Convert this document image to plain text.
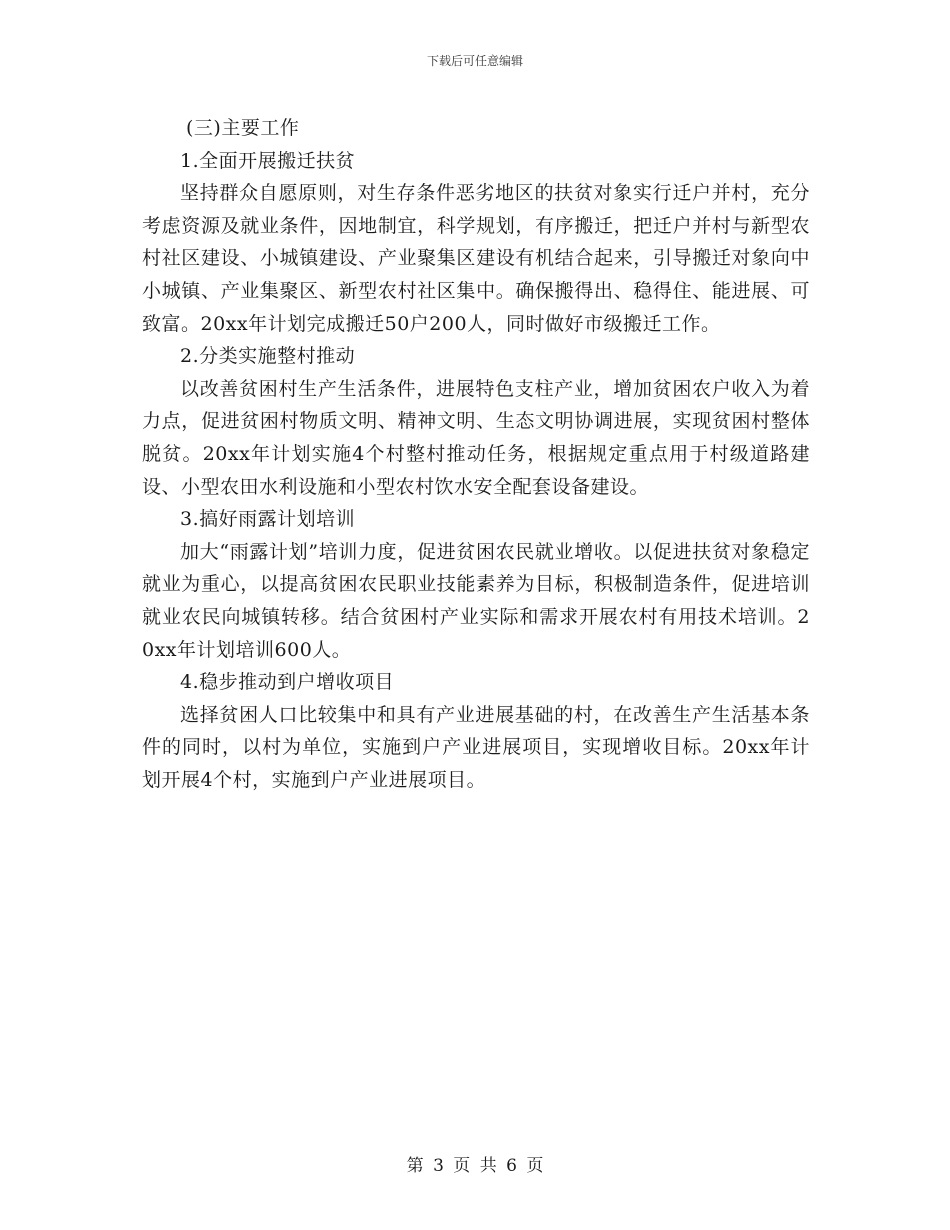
下载后可任意编辑

(三)主要工作

1.全面开展搬迁扶贫

坚持群众自愿原则，对生存条件恶劣地区的扶贫对象实行迁户并村，充分考虑资源及就业条件，因地制宜，科学规划，有序搬迁，把迁户并村与新型农村社区建设、小城镇建设、产业聚集区建设有机结合起来，引导搬迁对象向中小城镇、产业集聚区、新型农村社区集中。确保搬得出、稳得住、能进展、可致富。20xx年计划完成搬迁50户200人，同时做好市级搬迁工作。

2.分类实施整村推动

以改善贫困村生产生活条件，进展特色支柱产业，增加贫困农户收入为着力点，促进贫困村物质文明、精神文明、生态文明协调进展，实现贫困村整体脱贫。20xx年计划实施4个村整村推动任务，根据规定重点用于村级道路建设、小型农田水利设施和小型农村饮水安全配套设备建设。

3.搞好雨露计划培训

加大“雨露计划”培训力度，促进贫困农民就业增收。以促进扶贫对象稳定就业为重心，以提高贫困农民职业技能素养为目标，积极制造条件，促进培训就业农民向城镇转移。结合贫困村产业实际和需求开展农村有用技术培训。20xx年计划培训600人。

4.稳步推动到户增收项目

选择贫困人口比较集中和具有产业进展基础的村，在改善生产生活基本条件的同时，以村为单位，实施到户产业进展项目，实现增收目标。20xx年计划开展4个村，实施到户产业进展项目。

第 3 页 共 6 页
